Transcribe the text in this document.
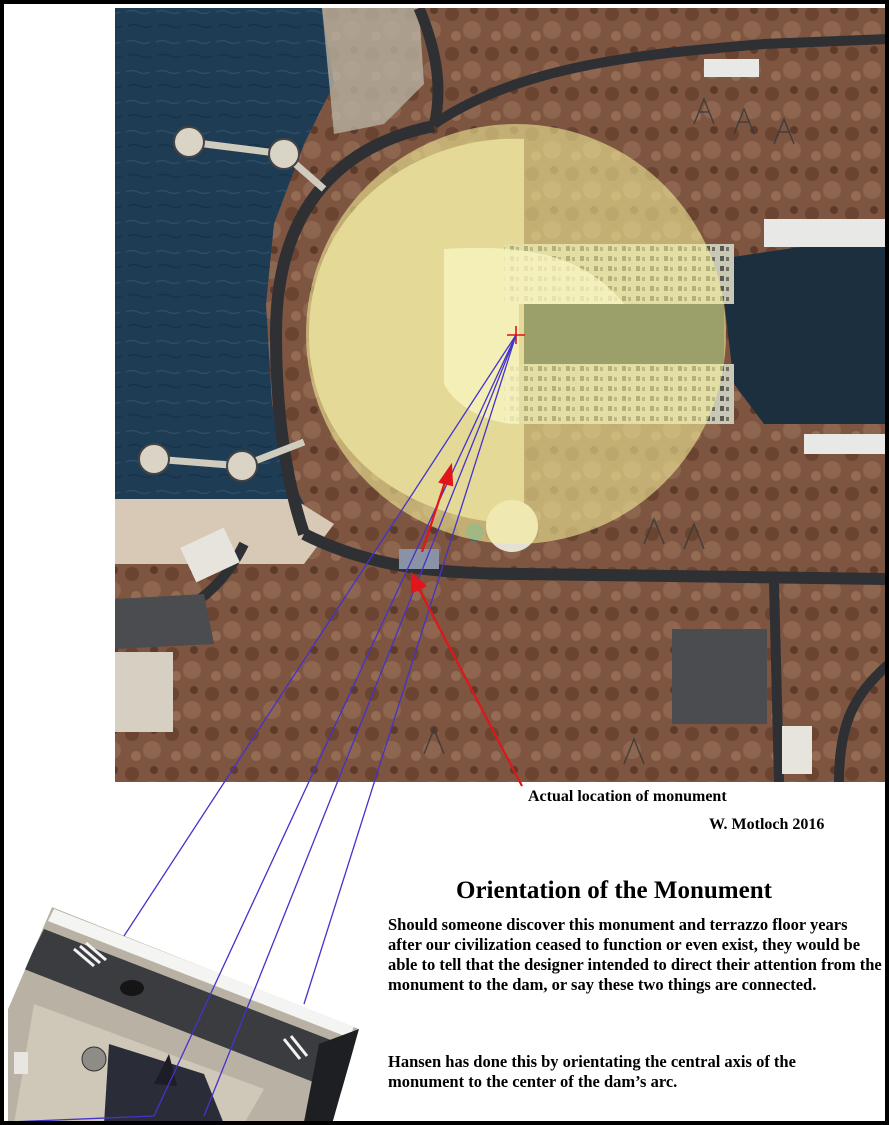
Actual location of monument
W. Motloch 2016
Orientation of the Monument
Should someone discover this monument and terrazzo floor years after our civilization ceased to function or even exist, they would be able to tell that the designer intended to direct their attention from the monument to the dam, or say these two things are connected.
Hansen has done this by orientating the central axis of the monument to the center of the dam’s arc.
